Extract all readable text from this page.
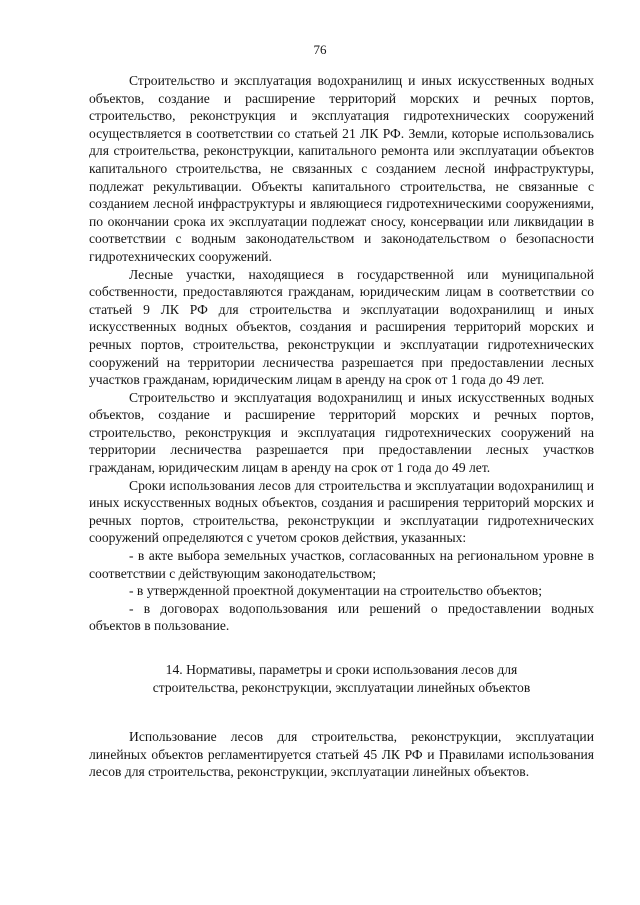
76

Строительство и эксплуатация водохранилищ и иных искусственных водных объектов, создание и расширение территорий морских и речных портов, строительство, реконструкция и эксплуатация гидротехнических сооружений осуществляется в соответствии со статьей 21 ЛК РФ. Земли, которые использовались для строительства, реконструкции, капитального ремонта или эксплуатации объектов капитального строительства, не связанных с созданием лесной инфраструктуры, подлежат рекультивации. Объекты капитального строительства, не связанные с созданием лесной инфраструктуры и являющиеся гидротехническими сооружениями, по окончании срока их эксплуатации подлежат сносу, консервации или ликвидации в соответствии с водным законодательством и законодательством о безопасности гидротехнических сооружений.

Лесные участки, находящиеся в государственной или муниципальной собственности, предоставляются гражданам, юридическим лицам в соответствии со статьей 9 ЛК РФ для строительства и эксплуатации водохранилищ и иных искусственных водных объектов, создания и расширения территорий морских и речных портов, строительства, реконструкции и эксплуатации гидротехнических сооружений на территории лесничества разрешается при предоставлении лесных участков гражданам, юридическим лицам в аренду на срок от 1 года до 49 лет.

Строительство и эксплуатация водохранилищ и иных искусственных водных объектов, создание и расширение территорий морских и речных портов, строительство, реконструкция и эксплуатация гидротехнических сооружений на территории лесничества разрешается при предоставлении лесных участков гражданам, юридическим лицам в аренду на срок от 1 года до 49 лет.

Сроки использования лесов для строительства и эксплуатации водохранилищ и иных искусственных водных объектов, создания и расширения территорий морских и речных портов, строительства, реконструкции и эксплуатации гидротехнических сооружений определяются с учетом сроков действия, указанных:

- в акте выбора земельных участков, согласованных на региональном уровне в соответствии с действующим законодательством;

- в утвержденной проектной документации на строительство объектов;

- в договорах водопользования или решений о предоставлении водных объектов в пользование.

14. Нормативы, параметры и сроки использования лесов для
строительства, реконструкции, эксплуатации линейных объектов

Использование лесов для строительства, реконструкции, эксплуатации линейных объектов регламентируется статьей 45 ЛК РФ и Правилами использования лесов для строительства, реконструкции, эксплуатации линейных объектов.
